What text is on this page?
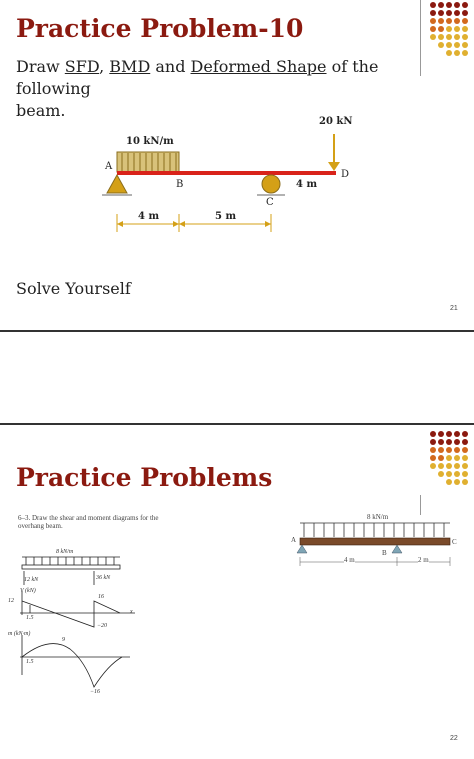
Practice Problem-10
Draw SFD, BMD and Deformed Shape of the following
beam.
10 kN/m
20 kN
A
B
C
D
4 m	5 m
4 m
Solve Yourself
21
Practice Problems
6–3. Draw the shear and moment diagrams for the
overhang beam.
8 kN/m
A
B
C
4 m	2 m
8 kN/m
12 kN	36 kN
V (kN)
12
16
1.5
−20
x
m (kN·m)
9
1.5
−16
22
